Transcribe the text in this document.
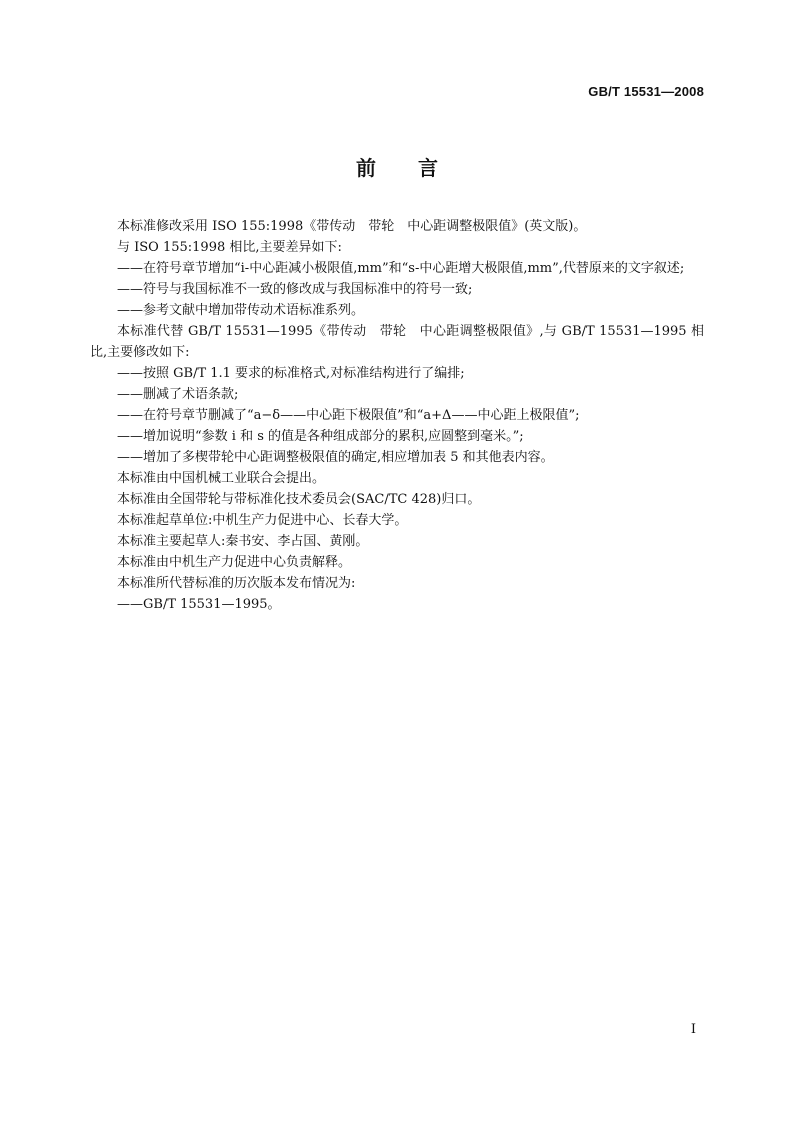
GB/T 15531—2008
前言

本标准修改采用 ISO 155:1998《带传动　带轮　中心距调整极限值》(英文版)。

与 ISO 155:1998 相比,主要差异如下:

—— 在符号章节增加“i-中心距减小极限值,mm”和“s-中心距增大极限值,mm”,代替原来的文字叙述;
—— 符号与我国标准不一致的修改成与我国标准中的符号一致;
—— 参考文献中增加带传动术语标准系列。

本标准代替 GB/T 15531—1995《带传动　带轮　中心距调整极限值》,与 GB/T 15531—1995 相比,主要修改如下:

—— 按照 GB/T 1.1 要求的标准格式,对标准结构进行了编排;
—— 删减了术语条款;
—— 在符号章节删减了“a−δ——中心距下极限值”和“a+Δ——中心距上极限值”;
—— 增加说明“参数 i 和 s 的值是各种组成部分的累积,应圆整到毫米。”;
—— 增加了多楔带轮中心距调整极限值的确定,相应增加表 5 和其他表内容。

本标准由中国机械工业联合会提出。

本标准由全国带轮与带标准化技术委员会(SAC/TC 428)归口。

本标准起草单位:中机生产力促进中心、长春大学。

本标准主要起草人:秦书安、李占国、黄刚。

本标准由中机生产力促进中心负责解释。

本标准所代替标准的历次版本发布情况为:

—— GB/T 15531—1995。
I
